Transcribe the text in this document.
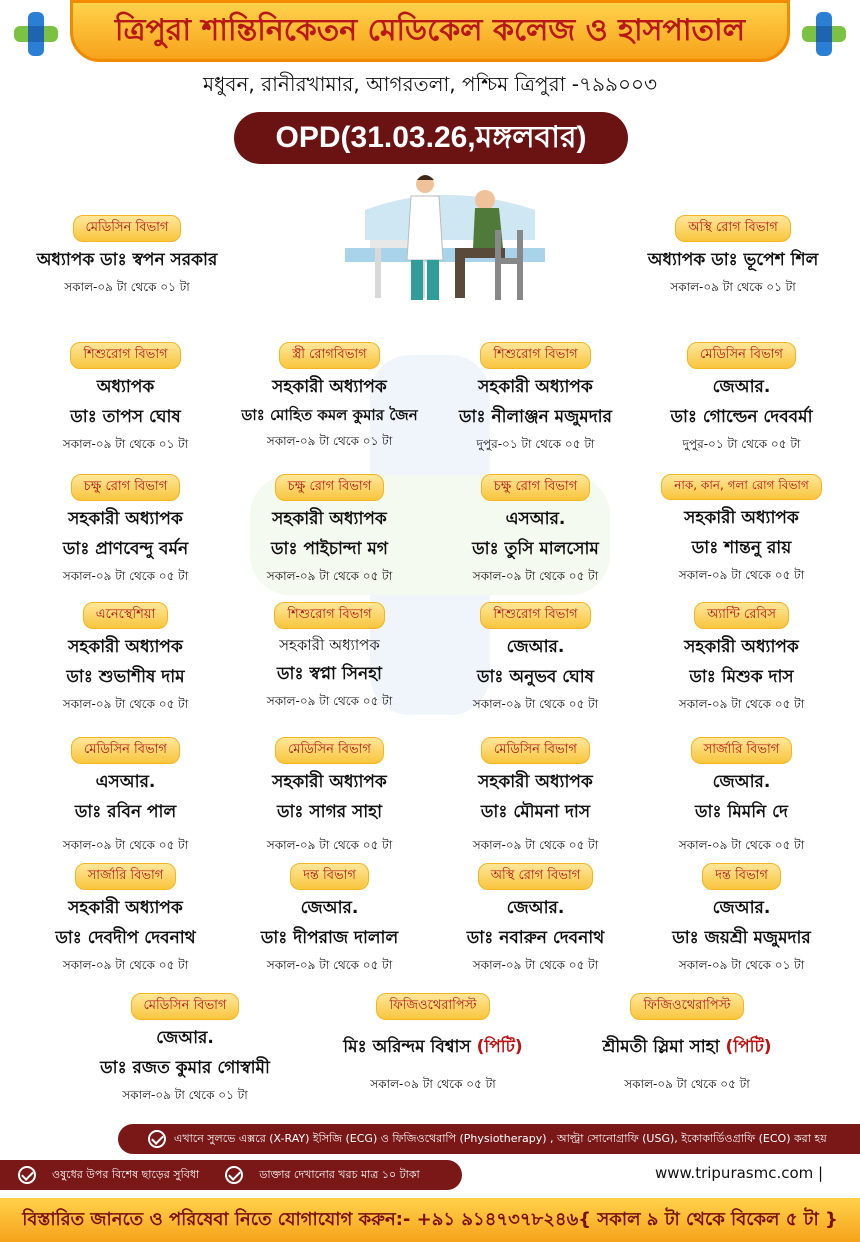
ত্রিপুরা শান্তিনিকেতন মেডিকেল কলেজ ও হাসপাতাল
মধুবন, রানীরখামার, আগরতলা, পশ্চিম ত্রিপুরা -৭৯৯০০৩
OPD(31.03.26,মঙ্গলবার)
মেডিসিন বিভাগ
অধ্যাপক ডাঃ স্বপন সরকার
সকাল-০৯ টা থেকে ০১ টা
অস্থি রোগ বিভাগ
অধ্যাপক ডাঃ ভূপেশ শিল
সকাল-০৯ টা থেকে ০১ টা
শিশুরোগ বিভাগ
অধ্যাপক
ডাঃ তাপস ঘোষ
সকাল-০৯ টা থেকে ০১ টা
স্ত্রী রোগবিভাগ
সহকারী অধ্যাপক
ডাঃ মোহিত কমল কুমার জৈন
সকাল-০৯ টা থেকে ০১ টা
শিশুরোগ বিভাগ
সহকারী অধ্যাপক
ডাঃ নীলাঞ্জন মজুমদার
দুপুর-০১ টা থেকে ০৫ টা
মেডিসিন বিভাগ
জেআর.
ডাঃ গোল্ডেন দেববর্মা
দুপুর-০১ টা থেকে ০৫ টা
চক্ষু রোগ বিভাগ
সহকারী অধ্যাপক
ডাঃ প্রাণবেন্দু বর্মন
সকাল-০৯ টা থেকে ০৫ টা
চক্ষু রোগ বিভাগ
সহকারী অধ্যাপক
ডাঃ পাইচান্দা মগ
সকাল-০৯ টা থেকে ০৫ টা
চক্ষু রোগ বিভাগ
এসআর.
ডাঃ তুসি মালসোম
সকাল-০৯ টা থেকে ০৫ টা
নাক, কান, গলা রোগ বিভাগ
সহকারী অধ্যাপক
ডাঃ শান্তনু রায়
সকাল-০৯ টা থেকে ০৫ টা
এনেস্থেশিয়া
সহকারী অধ্যাপক
ডাঃ শুভাশীষ দাম
সকাল-০৯ টা থেকে ০৫ টা
শিশুরোগ বিভাগ
সহকারী অধ্যাপক
ডাঃ স্বপ্না সিনহা
সকাল-০৯ টা থেকে ০৫ টা
শিশুরোগ বিভাগ
জেআর.
ডাঃ অনুভব ঘোষ
সকাল-০৯ টা থেকে ০৫ টা
অ্যান্টি রেবিস
সহকারী অধ্যাপক
ডাঃ মিশুক দাস
সকাল-০৯ টা থেকে ০৫ টা
মেডিসিন বিভাগ
এসআর.
ডাঃ রবিন পাল
সকাল-০৯ টা থেকে ০৫ টা
মেডিসিন বিভাগ
সহকারী অধ্যাপক
ডাঃ সাগর সাহা
সকাল-০৯ টা থেকে ০৫ টা
মেডিসিন বিভাগ
সহকারী অধ্যাপক
ডাঃ মৌমনা দাস
সকাল-০৯ টা থেকে ০৫ টা
সার্জারি বিভাগ
জেআর.
ডাঃ মিমনি দে
সকাল-০৯ টা থেকে ০৫ টা
সার্জারি বিভাগ
সহকারী অধ্যাপক
ডাঃ দেবদীপ দেবনাথ
সকাল-০৯ টা থেকে ০৫ টা
দন্ত বিভাগ
জেআর.
ডাঃ দীপরাজ দালাল
সকাল-০৯ টা থেকে ০৫ টা
অস্থি রোগ বিভাগ
জেআর.
ডাঃ নবারুন দেবনাথ
সকাল-০৯ টা থেকে ০৫ টা
দন্ত বিভাগ
জেআর.
ডাঃ জয়শ্রী মজুমদার
সকাল-০৯ টা থেকে ০১ টা
মেডিসিন বিভাগ
জেআর.
ডাঃ রজত কুমার গোস্বামী
সকাল-০৯ টা থেকে ০১ টা
ফিজিওথেরাপিস্ট
মিঃ অরিন্দম বিশ্বাস (পিটি)
সকাল-০৯ টা থেকে ০৫ টা
ফিজিওথেরাপিস্ট
শ্রীমতী স্লিমা সাহা (পিটি)
সকাল-০৯ টা থেকে ০৫ টা
এখানে সুলভে এক্সরে (X-RAY) ইসিজি (ECG) ও ফিজিওথেরাপি (Physiotherapy) , আল্ট্রা সোনোগ্রাফি (USG), ইকোকার্ডিওগ্রাফি (ECO) করা হয়
ওষুধের উপর বিশেষ ছাড়ের সুবিধা	ডাক্তার দেখানোর খরচ মাত্র ১০ টাকা	www.tripurasmc.com |
বিস্তারিত জানতে ও পরিষেবা নিতে যোগাযোগ করুন:- +৯১ ৯১৪৭৩৭৮২৪৬{ সকাল ৯ টা থেকে বিকেল ৫ টা }
